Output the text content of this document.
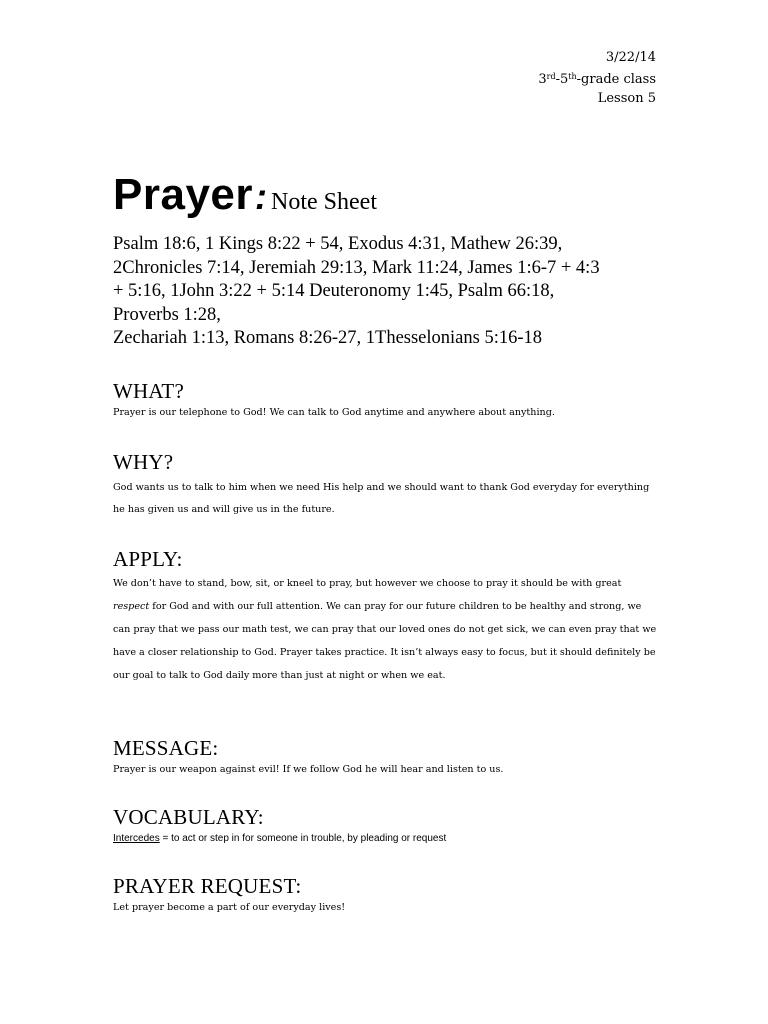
3/22/14
3rd-5th-grade class
Lesson 5
Prayer: Note Sheet
Psalm 18:6, 1 Kings 8:22 + 54, Exodus 4:31, Mathew 26:39,
2Chronicles 7:14, Jeremiah 29:13, Mark 11:24, James 1:6-7 + 4:3
+ 5:16, 1John 3:22 + 5:14 Deuteronomy 1:45, Psalm 66:18,
Proverbs 1:28,
Zechariah 1:13, Romans 8:26-27, 1Thesselonians 5:16-18
WHAT?

Prayer is our telephone to God! We can talk to God anytime and anywhere about anything.

WHY?

God wants us to talk to him when we need His help and we should want to thank God everyday for everything he has given us and will give us in the future.

APPLY:

We don’t have to stand, bow, sit, or kneel to pray, but however we choose to pray it should be with great respect for God and with our full attention. We can pray for our future children to be healthy and strong, we can pray that we pass our math test, we can pray that our loved ones do not get sick, we can even pray that we have a closer relationship to God. Prayer takes practice. It isn’t always easy to focus, but it should definitely be our goal to talk to God daily more than just at night or when we eat.

MESSAGE:

Prayer is our weapon against evil! If we follow God he will hear and listen to us.

VOCABULARY:

Intercedes = to act or step in for someone in trouble, by pleading or request

PRAYER REQUEST:

Let prayer become a part of our everyday lives!
